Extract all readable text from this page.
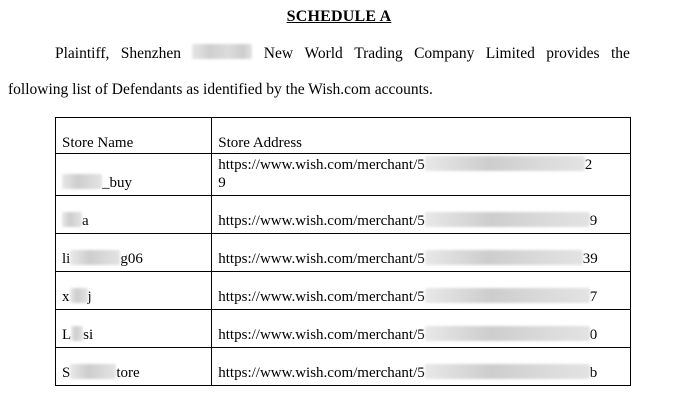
SCHEDULE A
Plaintiff, Shenzhen	New World Trading Company Limited provides the
following list of Defendants as identified by the Wish.com accounts.
Store Name	Store Address

_buy	https://www.wish.com/merchant/5 2
9

a	https://www.wish.com/merchant/5 9

li g06	https://www.wish.com/merchant/5 39

x j	https://www.wish.com/merchant/5 7

L si	https://www.wish.com/merchant/5 0

S tore	https://www.wish.com/merchant/5 b
